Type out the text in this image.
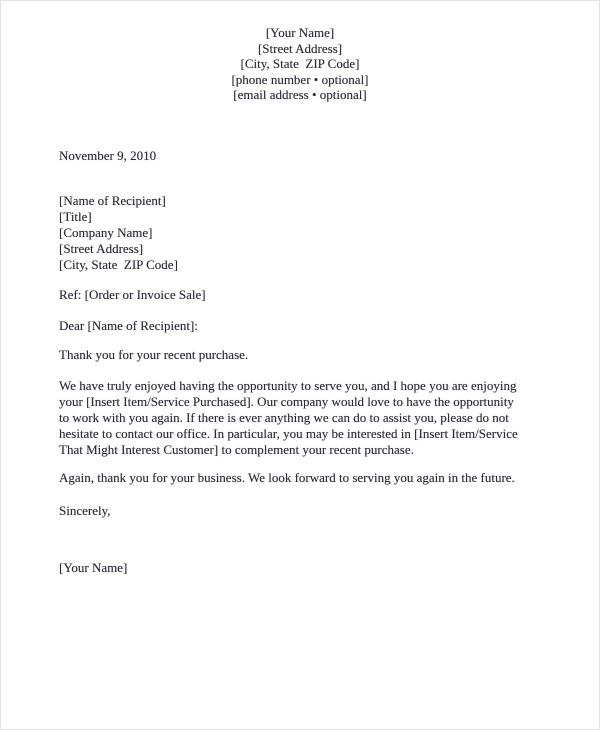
[Your Name]
[Street Address]
[City, State  ZIP Code]
[phone number • optional]
[email address • optional]
November 9, 2010
[Name of Recipient]
[Title]
[Company Name]
[Street Address]
[City, State  ZIP Code]
Ref: [Order or Invoice Sale]
Dear [Name of Recipient]:
Thank you for your recent purchase.
We have truly enjoyed having the opportunity to serve you, and I hope you are enjoying
your [Insert Item/Service Purchased]. Our company would love to have the opportunity
to work with you again. If there is ever anything we can do to assist you, please do not
hesitate to contact our office. In particular, you may be interested in [Insert Item/Service
That Might Interest Customer] to complement your recent purchase.
Again, thank you for your business. We look forward to serving you again in the future.
Sincerely,
[Your Name]
